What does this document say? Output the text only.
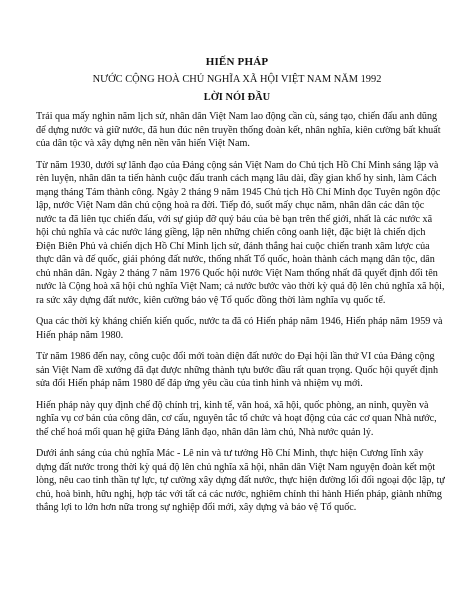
HIẾN PHÁP
NƯỚC CỘNG HOÀ CHỦ NGHĨA XÃ HỘI VIỆT NAM NĂM 1992
LỜI NÓI ĐẦU

Trải qua mấy nghìn năm lịch sử, nhân dân Việt Nam lao động cần cù, sáng tạo, chiến đấu anh dũng để dựng nước và giữ nước, đã hun đúc nên truyền thống đoàn kết, nhân nghĩa, kiên cường bất khuất của dân tộc và xây dựng nên nền văn hiến Việt Nam.

Từ năm 1930, dưới sự lãnh đạo của Đảng cộng sản Việt Nam do Chủ tịch Hồ Chí Minh sáng lập và rèn luyện, nhân dân ta tiến hành cuộc đấu tranh cách mạng lâu dài, đầy gian khổ hy sinh, làm Cách mạng tháng Tám thành công. Ngày 2 tháng 9 năm 1945 Chủ tịch Hồ Chí Minh đọc Tuyên ngôn độc lập, nước Việt Nam dân chủ cộng hoà ra đời. Tiếp đó, suốt mấy chục năm, nhân dân các dân tộc nước ta đã liên tục chiến đấu, với sự giúp đỡ quý báu của bè bạn trên thế giới, nhất là các nước xã hội chủ nghĩa và các nước láng giềng, lập nên những chiến công oanh liệt, đặc biệt là chiến dịch Điện Biên Phủ và chiến dịch Hồ Chí Minh lịch sử, đánh thắng hai cuộc chiến tranh xâm lược của thực dân và đế quốc, giải phóng đất nước, thống nhất Tổ quốc, hoàn thành cách mạng dân tộc, dân chủ nhân dân. Ngày 2 tháng 7 năm 1976 Quốc hội nước Việt Nam thống nhất đã quyết định đổi tên nước là Cộng hoà xã hội chủ nghĩa Việt Nam; cả nước bước vào thời kỳ quá độ lên chủ nghĩa xã hội, ra sức xây dựng đất nước, kiên cường bảo vệ Tổ quốc đồng thời làm nghĩa vụ quốc tế.

Qua các thời kỳ kháng chiến kiến quốc, nước ta đã có Hiến pháp năm 1946, Hiến pháp năm 1959 và Hiến pháp năm 1980.

Từ năm 1986 đến nay, công cuộc đổi mới toàn diện đất nước do Đại hội lần thứ VI của Đảng cộng sản Việt Nam đề xướng đã đạt được những thành tựu bước đầu rất quan trọng. Quốc hội quyết định sửa đổi Hiến pháp năm 1980 để đáp ứng yêu cầu của tình hình và nhiệm vụ mới.

Hiến pháp này quy định chế độ chính trị, kinh tế, văn hoá, xã hội, quốc phòng, an ninh, quyền và nghĩa vụ cơ bản của công dân, cơ cấu, nguyên tắc tổ chức và hoạt động của các cơ quan Nhà nước, thể chế hoá mối quan hệ giữa Đảng lãnh đạo, nhân dân làm chủ, Nhà nước quản lý.

Dưới ánh sáng của chủ nghĩa Mác - Lê nin và tư tưởng Hồ Chí Minh, thực hiện Cương lĩnh xây dựng đất nước trong thời kỳ quá độ lên chủ nghĩa xã hội, nhân dân Việt Nam nguyện đoàn kết một lòng, nêu cao tinh thần tự lực, tự cường xây dựng đất nước, thực hiện đường lối đối ngoại độc lập, tự chủ, hoà bình, hữu nghị, hợp tác với tất cả các nước, nghiêm chỉnh thi hành Hiến pháp, giành những thắng lợi to lớn hơn nữa trong sự nghiệp đổi mới, xây dựng và bảo vệ Tổ quốc.
